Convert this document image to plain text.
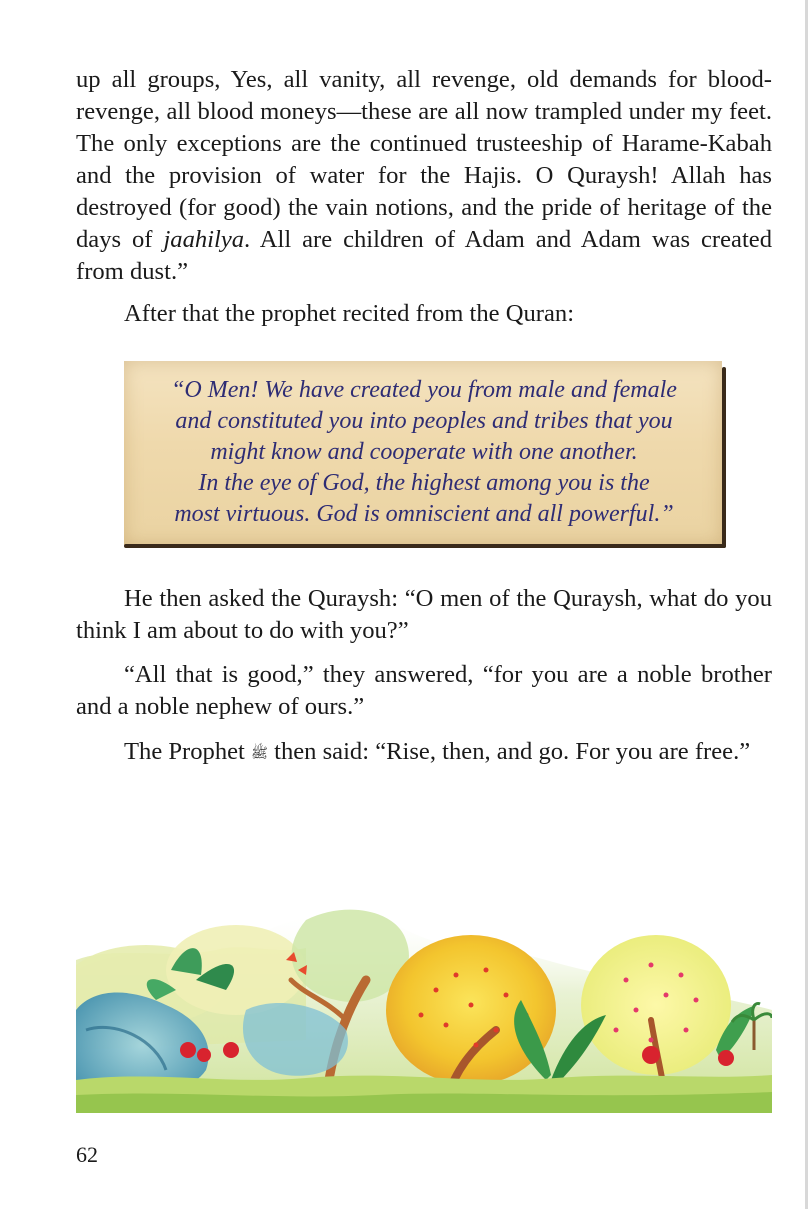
up all groups, Yes, all vanity, all revenge, old demands for blood-revenge, all blood moneys—these are all now trampled under my feet. The only exceptions are the continued trusteeship of Harame-Kabah and the provision of water for the Hajis. O Quraysh! Allah has destroyed (for good) the vain notions, and the pride of heritage of the days of jaahilya. All are children of Adam and Adam was created from dust.”

After that the prophet recited from the Quran:

“O Men! We have created you from male and female
and constituted you into peoples and tribes that you
might know and cooperate with one another.
In the eye of God, the highest among you is the
most virtuous. God is omniscient and all powerful.”

He then asked the Quraysh: “O men of the Quraysh, what do you think I am about to do with you?”

“All that is good,” they answered, “for you are a noble brother and a noble nephew of ours.”

The Prophet ﷺ then said: “Rise, then, and go. For you are free.”

62
